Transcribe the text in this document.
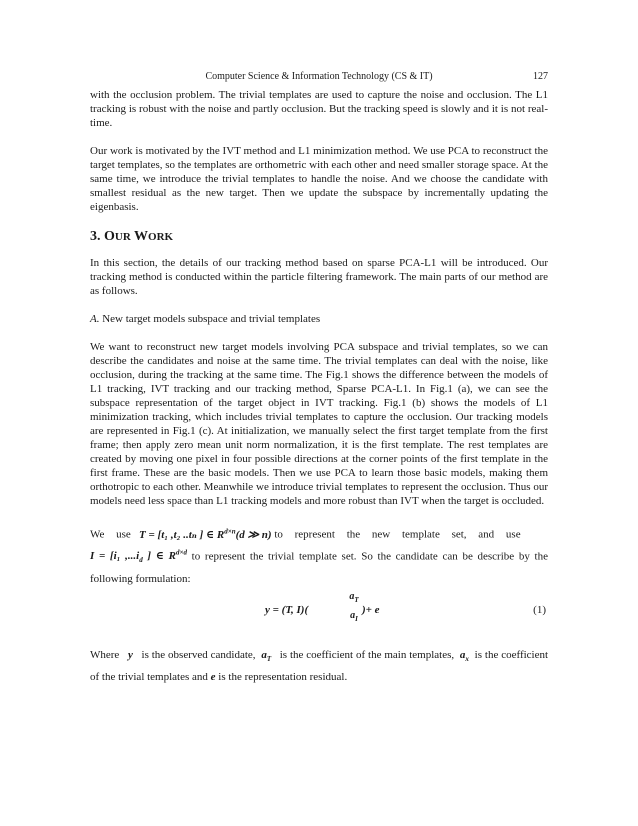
Computer Science & Information Technology (CS & IT)	127

with the occlusion problem. The trivial templates are used to capture the noise and occlusion. The L1 tracking is robust with the noise and partly occlusion. But the tracking speed is slowly and it is not real-time.

Our work is motivated by the IVT method and L1 minimization method. We use PCA to reconstruct the target templates, so the templates are orthometric with each other and need smaller storage space. At the same time, we introduce the trivial templates to handle the noise. And we choose the candidate with smallest residual as the new target. Then we update the subspace by incrementally updating the eigenbasis.

3. OUR WORK

In this section, the details of our tracking method based on sparse PCA-L1 will be introduced. Our tracking method is conducted within the particle filtering framework. The main parts of our method are as follows.

A. New target models subspace and trivial templates

We want to reconstruct new target models involving PCA subspace and trivial templates, so we can describe the candidates and noise at the same time. The trivial templates can deal with the noise, like occlusion, during the tracking at the same time. The Fig.1 shows the difference between the models of L1 tracking, IVT tracking and our tracking method, Sparse PCA-L1. In Fig.1 (a), we can see the subspace representation of the target object in IVT tracking. Fig.1 (b) shows the models of L1 minimization tracking, which includes trivial templates to capture the occlusion. Our tracking models are represented in Fig.1 (c). At initialization, we manually select the first target template from the first frame; then apply zero mean unit norm normalization, it is the first template. The rest templates are created by moving one pixel in four possible directions at the corner points of the first template in the first frame. These are the basic models. Then we use PCA to learn those basic models, making them orthotropic to each other. Meanwhile we introduce trivial templates to represent the occlusion. Thus our models need less space than L1 tracking models and more robust than IVT when the target is occluded.

We use T = [t₁ ,t₂ ..tₙ ] ∈ $R^{d\times n}(d$ ≫ n) to represent the new template set, and use
I = [i₁ $,...i_d$ ] ∈ $R^{d\times d}$ to represent the trivial template set. So the candidate can be describe by the following formulation:
y = (T, I)(
$a_T$
$a_I$
)+ e	(1)
Where y is the observed candidate, $a_T$ is the coefficient of the main templates, $a_x$ is the coefficient of the trivial templates and e is the representation residual.
